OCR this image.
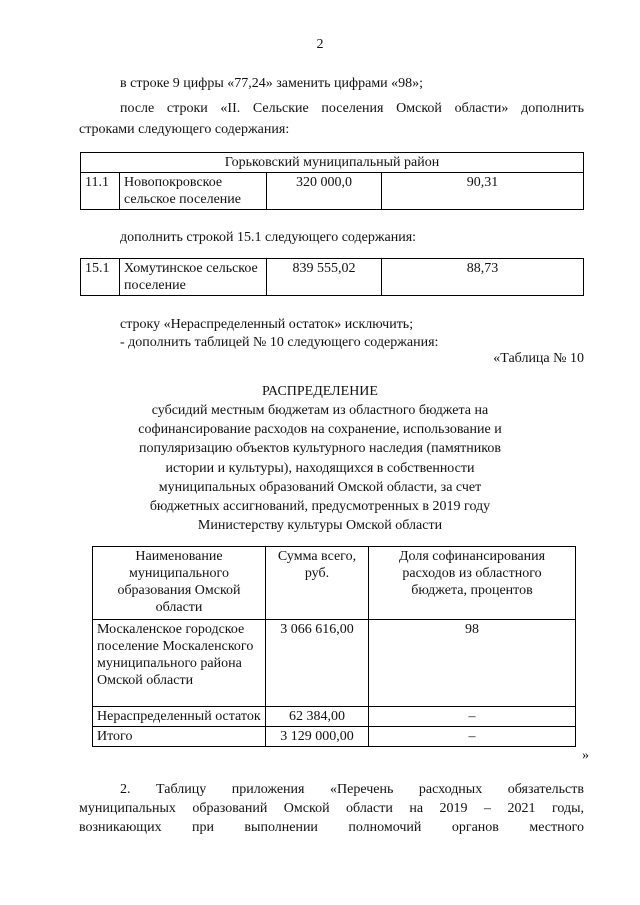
2
в строке 9 цифры «77,24» заменить цифрами «98»;
после строки «II. Сельские поселения Омской области» дополнить
строками следующего содержания:
Горьковский муниципальный район
11.1	Новопокровское сельское поселение	320 000,0	90,31
дополнить строкой 15.1 следующего содержания:
15.1	Хомутинское сельское поселение	839 555,02	88,73
строку «Нераспределенный остаток» исключить;
- дополнить таблицей № 10 следующего содержания:
«Таблица № 10
РАСПРЕДЕЛЕНИЕ
субсидий местным бюджетам из областного бюджета на
софинансирование расходов на сохранение, использование и
популяризацию объектов культурного наследия (памятников
истории и культуры), находящихся в собственности
муниципальных образований Омской области, за счет
бюджетных ассигнований, предусмотренных в 2019 году
Министерству культуры Омской области
Наименование муниципального образования Омской области	Сумма всего, руб.	Доля софинансирования расходов из областного бюджета, процентов
Москаленское городское поселение Москаленского муниципального района Омской области	3 066 616,00	98
Нераспределенный остаток	62 384,00	–
Итого	3 129 000,00	–
»
2. Таблицу приложения «Перечень расходных обязательств
муниципальных образований Омской области на 2019 – 2021 годы,
возникающих при выполнении полномочий органов местного
